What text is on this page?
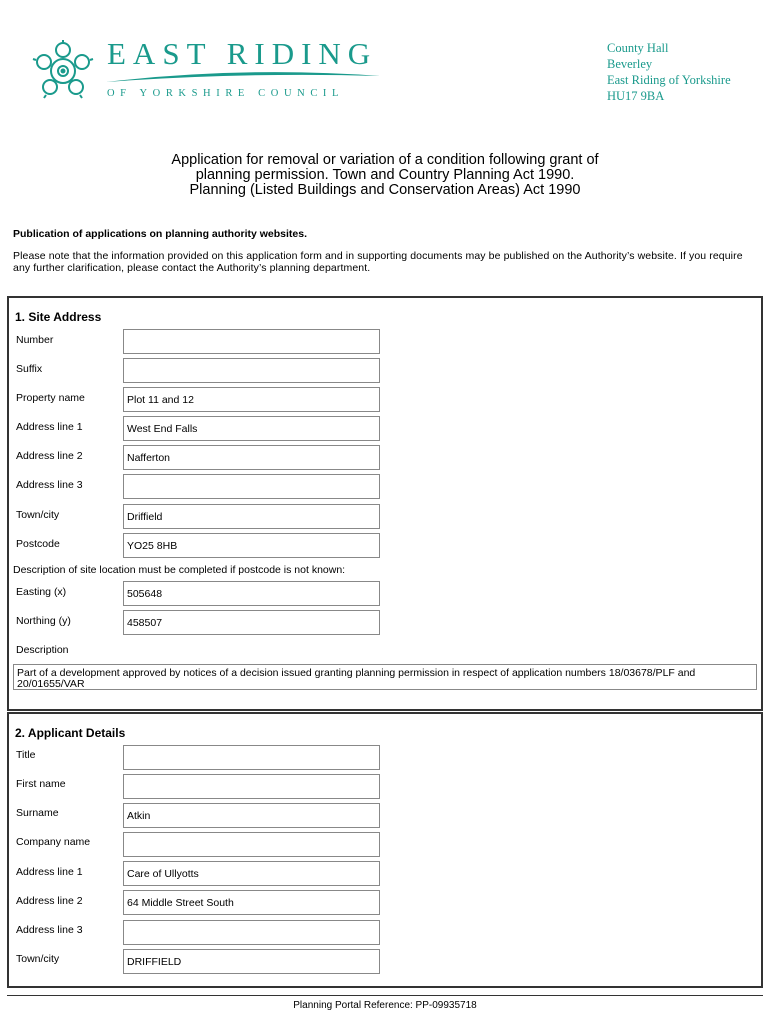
EAST RIDING
OF YORKSHIRE COUNCIL
County Hall
Beverley
East Riding of Yorkshire
HU17 9BA
Application for removal or variation of a condition following grant of
planning permission. Town and Country Planning Act 1990.
Planning (Listed Buildings and Conservation Areas) Act 1990
Publication of applications on planning authority websites.
Please note that the information provided on this application form and in supporting documents may be published on the Authority’s website. If you require any further clarification, please contact the Authority’s planning department.
1. Site Address
Number
Suffix
Property name	Plot 11 and 12
Address line 1	West End Falls
Address line 2	Nafferton
Address line 3
Town/city	Driffield
Postcode	YO25 8HB
Description of site location must be completed if postcode is not known:
Easting (x)	505648
Northing (y)	458507
Description
Part of a development approved by notices of a decision issued granting planning permission in respect of application numbers 18/03678/PLF and 20/01655/VAR
2. Applicant Details
Title
First name
Surname	Atkin
Company name
Address line 1	Care of Ullyotts
Address line 2	64 Middle Street South
Address line 3
Town/city	DRIFFIELD
Planning Portal Reference: PP-09935718
